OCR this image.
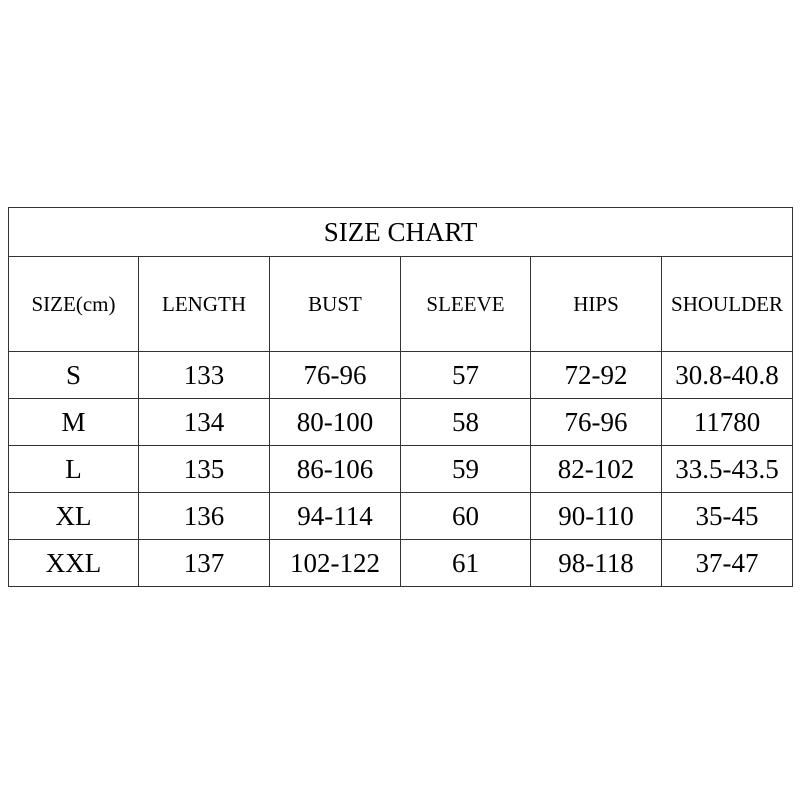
SIZE CHART					
SIZE(cm)	LENGTH	BUST	SLEEVE	HIPS	SHOULDER
S	133	76-96	57	72-92	30.8-40.8
M	134	80-100	58	76-96	11780
L	135	86-106	59	82-102	33.5-43.5
XL	136	94-114	60	90-110	35-45
XXL	137	102-122	61	98-118	37-47
